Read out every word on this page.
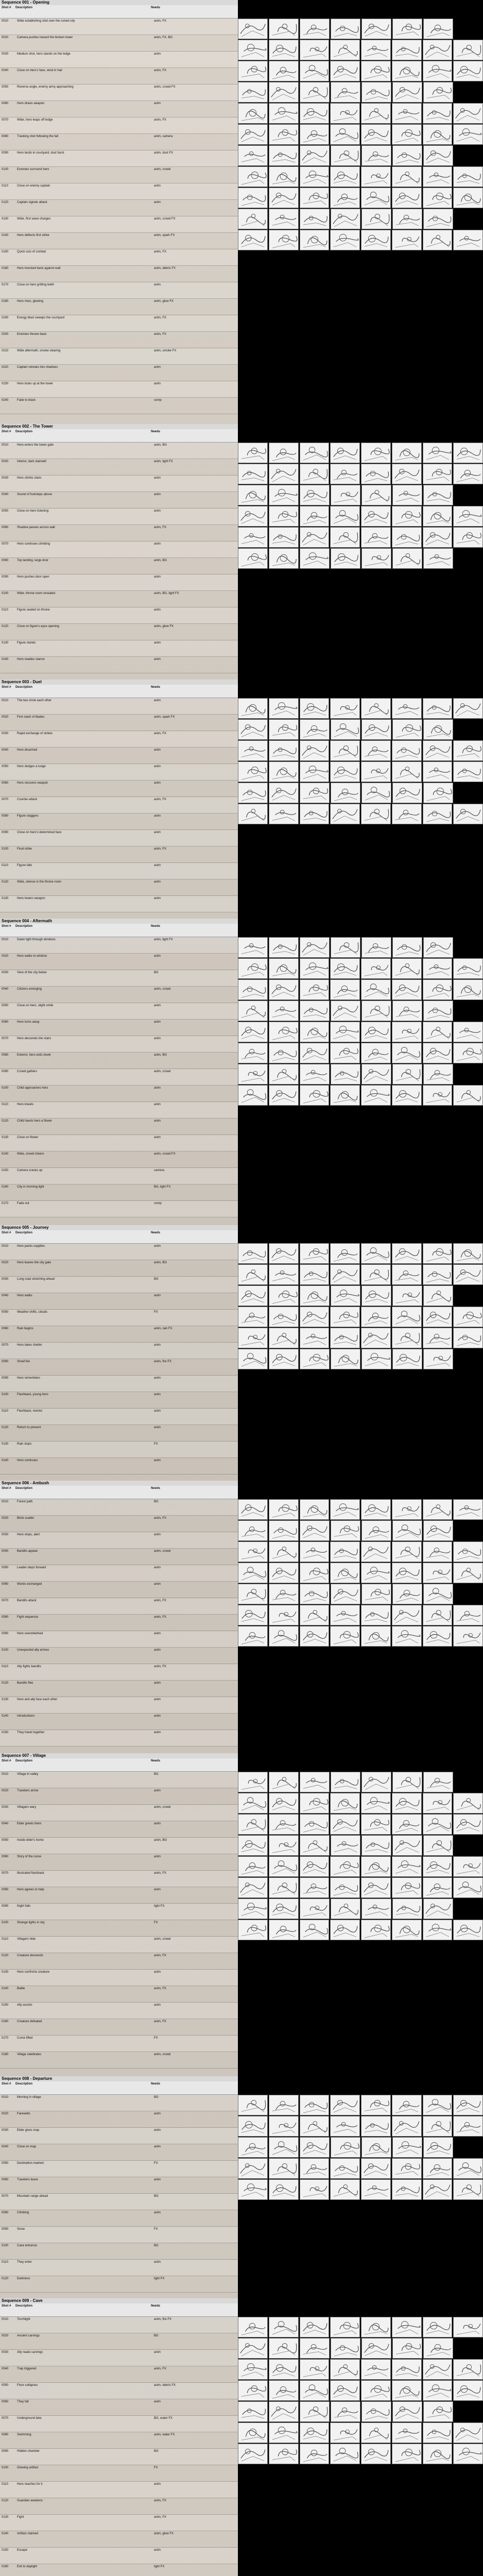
Sequence 001 - Opening
Shot #	Description	Needs
0010	Wide establishing shot over the ruined city	anim, FX
0020	Camera pushes toward the broken tower	anim, FX, BG
0030	Medium shot, hero stands on the ledge	anim
0040	Close on hero's face, wind in hair	anim, FX
0050	Reverse angle, enemy army approaching	anim, crowd FX
0060	Hero draws weapon	anim
0070	Wide, hero leaps off ledge	anim, FX
0080	Tracking shot following the fall	anim, camera
0090	Hero lands in courtyard, dust burst	anim, dust FX
0100	Enemies surround hero	anim, crowd
0110	Close on enemy captain	anim
0120	Captain signals attack	anim
0130	Wide, first wave charges	anim, crowd FX
0140	Hero deflects first strike	anim, spark FX
0150	Quick cuts of combat	anim, FX
0160	Hero knocked back against wall	anim, debris FX
0170	Close on hero gritting teeth	anim
0180	Hero rises, glowing	anim, glow FX
0190	Energy blast sweeps the courtyard	anim, FX
0200	Enemies thrown back	anim, FX
0210	Wide aftermath, smoke clearing	anim, smoke FX
0220	Captain retreats into shadows	anim
0230	Hero looks up at the tower	anim
0240	Fade to black	comp
Sequence 002 - The Tower
Shot #	Description	Needs
0010	Hero enters the tower gate	anim, BG
0020	Interior, dark stairwell	anim, light FX
0030	Hero climbs stairs	anim
0040	Sound of footsteps above	anim
0050	Close on hero listening	anim
0060	Shadow passes across wall	anim, FX
0070	Hero continues climbing	anim
0080	Top landing, large door	anim, BG
0090	Hero pushes door open	anim
0100	Wide, throne room revealed	anim, BG, light FX
0110	Figure seated on throne	anim
0120	Close on figure's eyes opening	anim, glow FX
0130	Figure stands	anim
0140	Hero readies stance	anim
Sequence 003 - Duel
Shot #	Description	Needs
0010	The two circle each other	anim
0020	First clash of blades	anim, spark FX
0030	Rapid exchange of strikes	anim, FX
0040	Hero disarmed	anim
0050	Hero dodges a lunge	anim
0060	Hero recovers weapon	anim
0070	Counter-attack	anim, FX
0080	Figure staggers	anim
0090	Close on hero's determined face	anim
0100	Final strike	anim, FX
0110	Figure falls	anim
0120	Wide, silence in the throne room	anim
0130	Hero lowers weapon	anim
Sequence 004 - Aftermath
Shot #	Description	Needs
0010	Dawn light through windows	anim, light FX
0020	Hero walks to window	anim
0030	View of the city below	BG
0040	Citizens emerging	anim, crowd
0050	Close on hero, slight smile	anim
0060	Hero turns away	anim
0070	Hero descends the stairs	anim
0080	Exterior, hero exits tower	anim, BG
0090	Crowd gathers	anim, crowd
0100	Child approaches hero	anim
0110	Hero kneels	anim
0120	Child hands hero a flower	anim
0130	Close on flower	anim
0140	Wide, crowd cheers	anim, crowd FX
0150	Camera cranes up	camera
0160	City in morning light	BG, light FX
0170	Fade out	comp
Sequence 005 - Journey
Shot #	Description	Needs
0010	Hero packs supplies	anim
0020	Hero leaves the city gate	anim, BG
0030	Long road stretching ahead	BG
0040	Hero walks	anim
0050	Weather shifts, clouds	FX
0060	Rain begins	anim, rain FX
0070	Hero takes shelter	anim
0080	Small fire	anim, fire FX
0090	Hero remembers	anim
0100	Flashback, young hero	anim
0110	Flashback, mentor	anim
0120	Return to present	anim
0130	Rain stops	FX
0140	Hero continues	anim
Sequence 006 - Ambush
Shot #	Description	Needs
0010	Forest path	BG
0020	Birds scatter	anim, FX
0030	Hero stops, alert	anim
0040	Bandits appear	anim, crowd
0050	Leader steps forward	anim
0060	Words exchanged	anim
0070	Bandits attack	anim, FX
0080	Fight sequence	anim, FX
0090	Hero overwhelmed	anim
0100	Unexpected ally arrives	anim
0110	Ally fights bandits	anim, FX
0120	Bandits flee	anim
0130	Hero and ally face each other	anim
0140	Introductions	anim
0150	They travel together	anim
Sequence 007 - Village
Shot #	Description	Needs
0010	Village in valley	BG
0020	Travelers arrive	anim
0030	Villagers wary	anim, crowd
0040	Elder greets them	anim
0050	Inside elder's home	anim, BG
0060	Story of the curse	anim
0070	Illustrated flashback	anim, FX
0080	Hero agrees to help	anim
0090	Night falls	light FX
0100	Strange lights in sky	FX
0110	Villagers hide	anim, crowd
0120	Creature descends	anim, FX
0130	Hero confronts creature	anim
0140	Battle	anim, FX
0150	Ally assists	anim
0160	Creature defeated	anim, FX
0170	Curse lifted	FX
0180	Village celebrates	anim, crowd
Sequence 008 - Departure
Shot #	Description	Needs
0010	Morning in village	BG
0020	Farewells	anim
0030	Elder gives map	anim
0040	Close on map	anim
0050	Destination marked	FX
0060	Travelers leave	anim
0070	Mountain range ahead	BG
0080	Climbing	anim
0090	Snow	FX
0100	Cave entrance	BG
0110	They enter	anim
0120	Darkness	light FX
Sequence 009 - Cave
Shot #	Description	Needs
0010	Torchlight	anim, fire FX
0020	Ancient carvings	BG
0030	Ally reads carvings	anim
0040	Trap triggered	anim, FX
0050	Floor collapses	anim, debris FX
0060	They fall	anim
0070	Underground lake	BG, water FX
0080	Swimming	anim, water FX
0090	Hidden chamber	BG
0100	Glowing artifact	FX
0110	Hero reaches for it	anim
0120	Guardian awakens	anim, FX
0130	Fight	anim, FX
0140	Artifact claimed	anim, glow FX
0150	Escape	anim
0160	Exit to daylight	light FX
